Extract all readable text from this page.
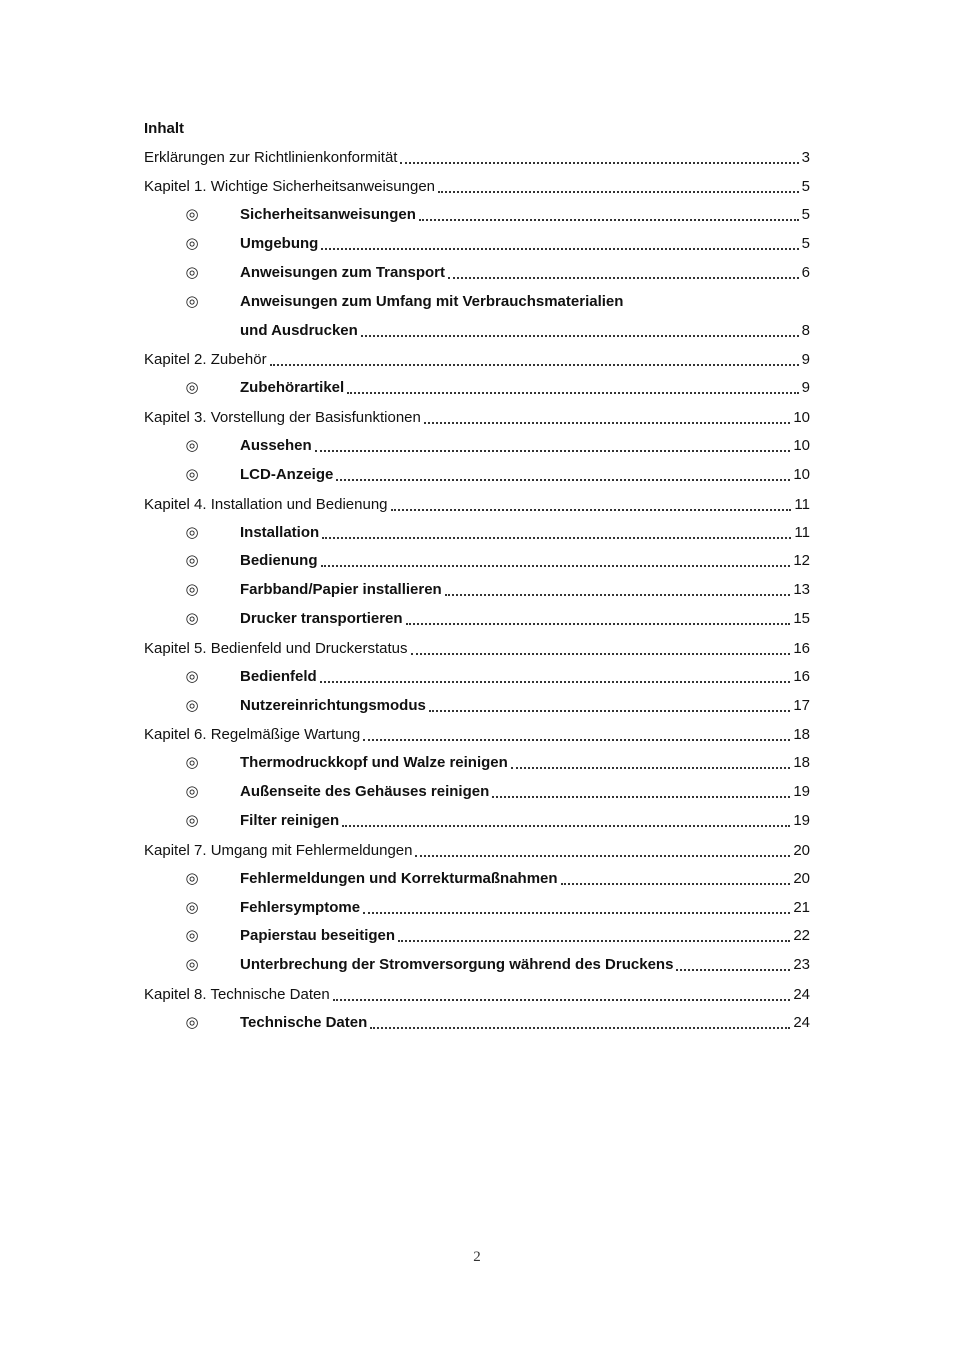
Inhalt
Erklärungen zur Richtlinienkonformität	3
Kapitel 1. Wichtige Sicherheitsanweisungen	5
◎	Sicherheitsanweisungen	5
◎	Umgebung	5
◎	Anweisungen zum Transport	6
◎	Anweisungen zum Umfang mit Verbrauchsmaterialien
und Ausdrucken	8
Kapitel 2. Zubehör	9
◎	Zubehörartikel	9
Kapitel 3. Vorstellung der Basisfunktionen	10
◎	Aussehen	10
◎	LCD-Anzeige	10
Kapitel 4. Installation und Bedienung	11
◎	Installation	11
◎	Bedienung	12
◎	Farbband/Papier installieren	13
◎	Drucker transportieren	15
Kapitel 5. Bedienfeld und Druckerstatus	16
◎	Bedienfeld	16
◎	Nutzereinrichtungsmodus	17
Kapitel 6. Regelmäßige Wartung	18
◎	Thermodruckkopf und Walze reinigen	18
◎	Außenseite des Gehäuses reinigen	19
◎	Filter reinigen	19
Kapitel 7. Umgang mit Fehlermeldungen	20
◎	Fehlermeldungen und Korrekturmaßnahmen	20
◎	Fehlersymptome	21
◎	Papierstau beseitigen	22
◎	Unterbrechung der Stromversorgung während des Druckens	23
Kapitel 8. Technische Daten	24
◎	Technische Daten	24
2
